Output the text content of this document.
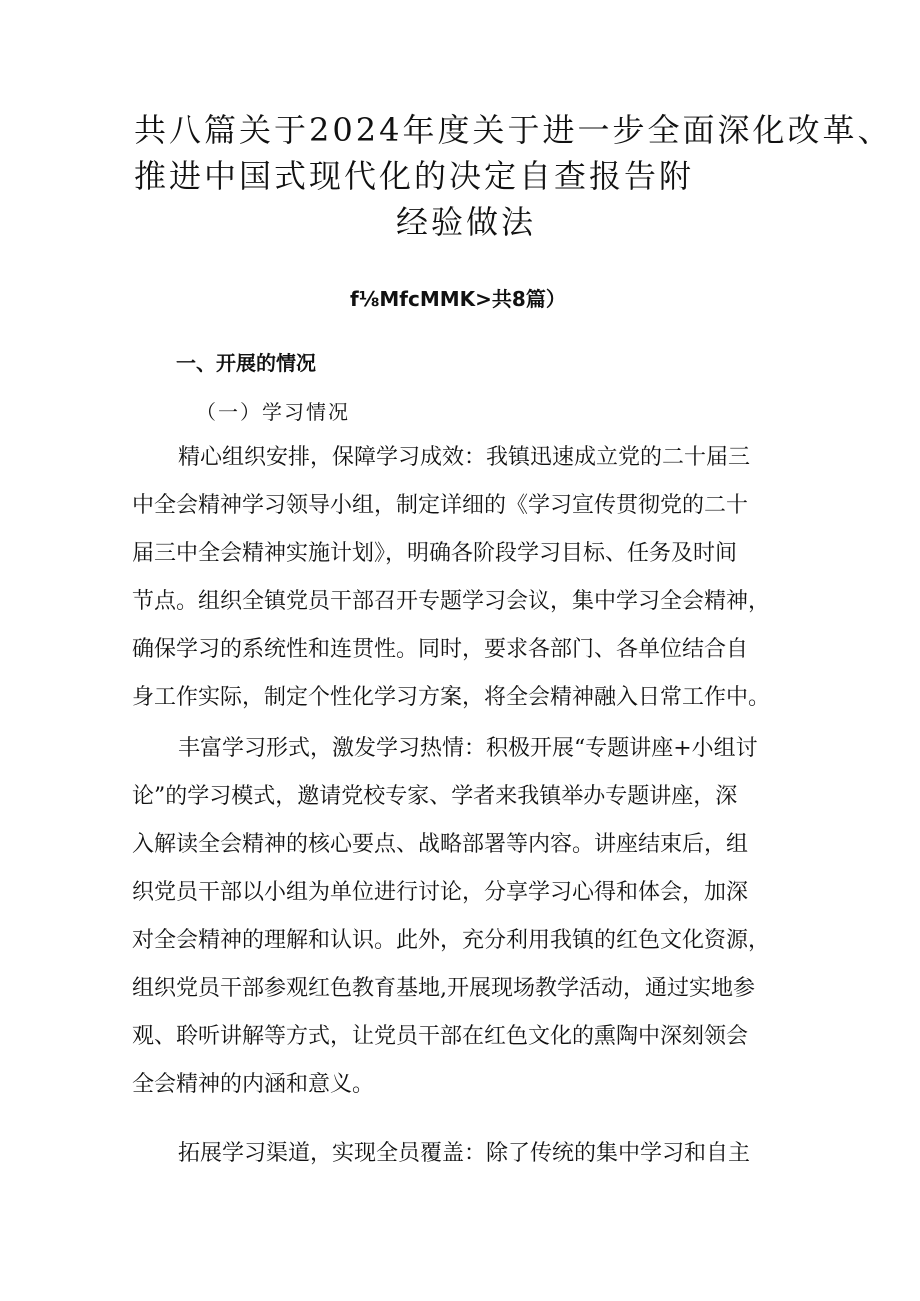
共八篇关于2024年度关于进一步全面深化改革、
推进中国式现代化的决定自查报告附
经验做法
f⅛MfcMMK>共8篇）
一、开展的情况
（一）学习情况
精心组织安排，保障学习成效：我镇迅速成立党的二十届三
中全会精神学习领导小组，制定详细的《学习宣传贯彻党的二十
届三中全会精神实施计划》，明确各阶段学习目标、任务及时间
节点。组织全镇党员干部召开专题学习会议，集中学习全会精神，
确保学习的系统性和连贯性。同时，要求各部门、各单位结合自
身工作实际，制定个性化学习方案，将全会精神融入日常工作中。
丰富学习形式，激发学习热情：积极开展“专题讲座+小组讨
论”的学习模式，邀请党校专家、学者来我镇举办专题讲座，深
入解读全会精神的核心要点、战略部署等内容。讲座结束后，组
织党员干部以小组为单位进行讨论，分享学习心得和体会，加深
对全会精神的理解和认识。此外，充分利用我镇的红色文化资源，
组织党员干部参观红色教育基地,开展现场教学活动，通过实地参
观、聆听讲解等方式，让党员干部在红色文化的熏陶中深刻领会
全会精神的内涵和意义。
拓展学习渠道，实现全员覆盖：除了传统的集中学习和自主
